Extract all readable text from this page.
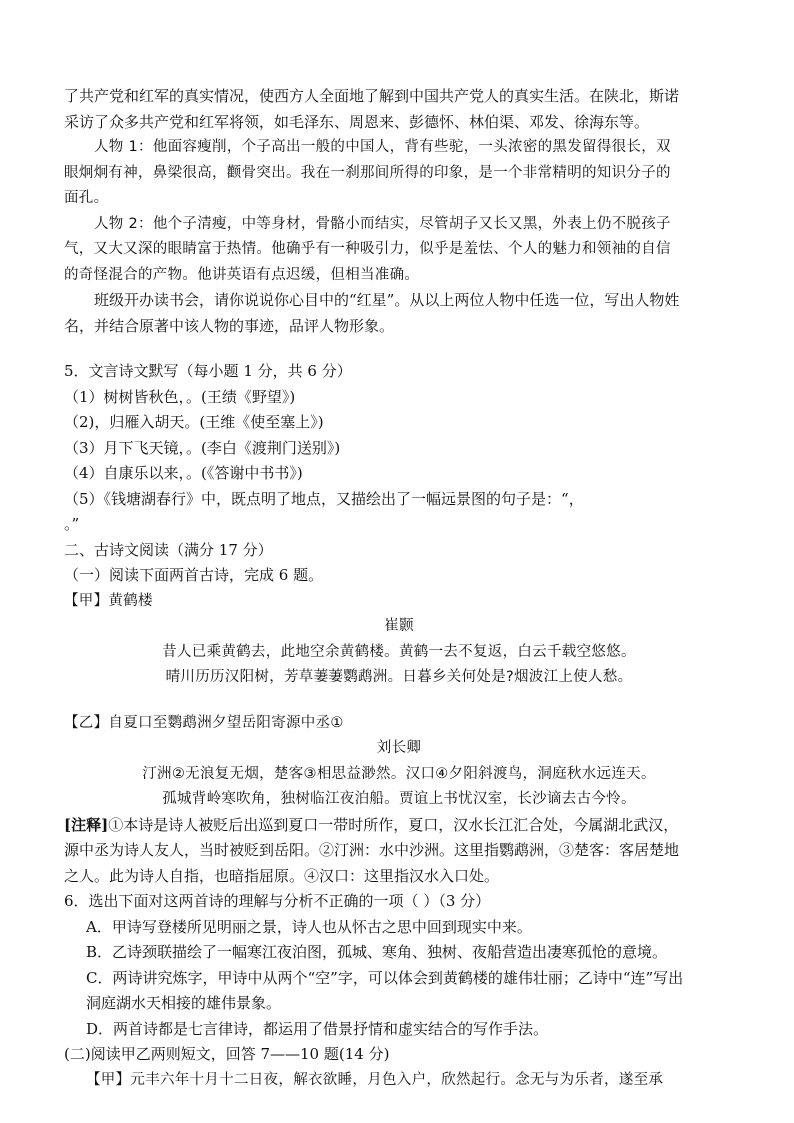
了共产党和红军的真实情况，使西方人全面地了解到中国共产党人的真实生活。在陕北，斯诺
采访了众多共产党和红军将领，如毛泽东、周恩来、彭德怀、林伯渠、邓发、徐海东等。
人物 1：他面容瘦削，个子高出一般的中国人，背有些驼，一头浓密的黑发留得很长，双
眼炯炯有神，鼻梁很高，颧骨突出。我在一刹那间所得的印象，是一个非常精明的知识分子的
面孔。
人物 2：他个子清瘦，中等身材，骨骼小而结实，尽管胡子又长又黑，外表上仍不脱孩子
气，又大又深的眼睛富于热情。他确乎有一种吸引力，似乎是羞怯、个人的魅力和领袖的自信
的奇怪混合的产物。他讲英语有点迟缓，但相当准确。
班级开办读书会，请你说说你心目中的“红星”。从以上两位人物中任选一位，写出人物姓
名，并结合原著中该人物的事迹，品评人物形象。
5．文言诗文默写（每小题 1 分，共 6 分）
（1）树树皆秋色，。(王绩《野望》)
（2)，归雁入胡天。(王维《使至塞上》)
（3）月下飞天镜，。(李白《渡荆门送别》)
（4）自康乐以来，。(《答谢中书书》)
（5）《钱塘湖春行》中，既点明了地点，又描绘出了一幅远景图的句子是：“，
。”
二、古诗文阅读（满分 17 分）
（一）阅读下面两首古诗，完成 6 题。
【甲】黄鹤楼
崔颢
昔人已乘黄鹤去，此地空余黄鹤楼。黄鹤一去不复返，白云千载空悠悠。
晴川历历汉阳树，芳草萋萋鹦鹉洲。日暮乡关何处是?烟波江上使人愁。
【乙】自夏口至鹦鹉洲夕望岳阳寄源中丞①
刘长卿
汀洲②无浪复无烟，楚客③相思益渺然。汉口④夕阳斜渡鸟，洞庭秋水远连天。
孤城背岭寒吹角，独树临江夜泊船。贾谊上书忧汉室，长沙谪去古今怜。
[注释]①本诗是诗人被贬后出巡到夏口一带时所作，夏口，汉水长江汇合处，今属湖北武汉，
源中丞为诗人友人，当时被贬到岳阳。②汀洲：水中沙洲。这里指鹦鹉洲，③楚客：客居楚地
之人。此为诗人自指，也暗指屈原。④汉口：这里指汉水入口处。
6．选出下面对这两首诗的理解与分析不正确的一项（ ）（3 分）
A．甲诗写登楼所见明丽之景，诗人也从怀古之思中回到现实中来。
B．乙诗颈联描绘了一幅寒江夜泊图，孤城、寒角、独树、夜船营造出凄寒孤怆的意境。
C．两诗讲究炼字，甲诗中从两个“空”字，可以体会到黄鹤楼的雄伟壮丽；乙诗中“连”写出
洞庭湖水天相接的雄伟景象。
D．两首诗都是七言律诗，都运用了借景抒情和虚实结合的写作手法。
(二)阅读甲乙两则短文，回答 7——10 题(14 分)
【甲】元丰六年十月十二日夜，解衣欲睡，月色入户，欣然起行。念无与为乐者，遂至承
